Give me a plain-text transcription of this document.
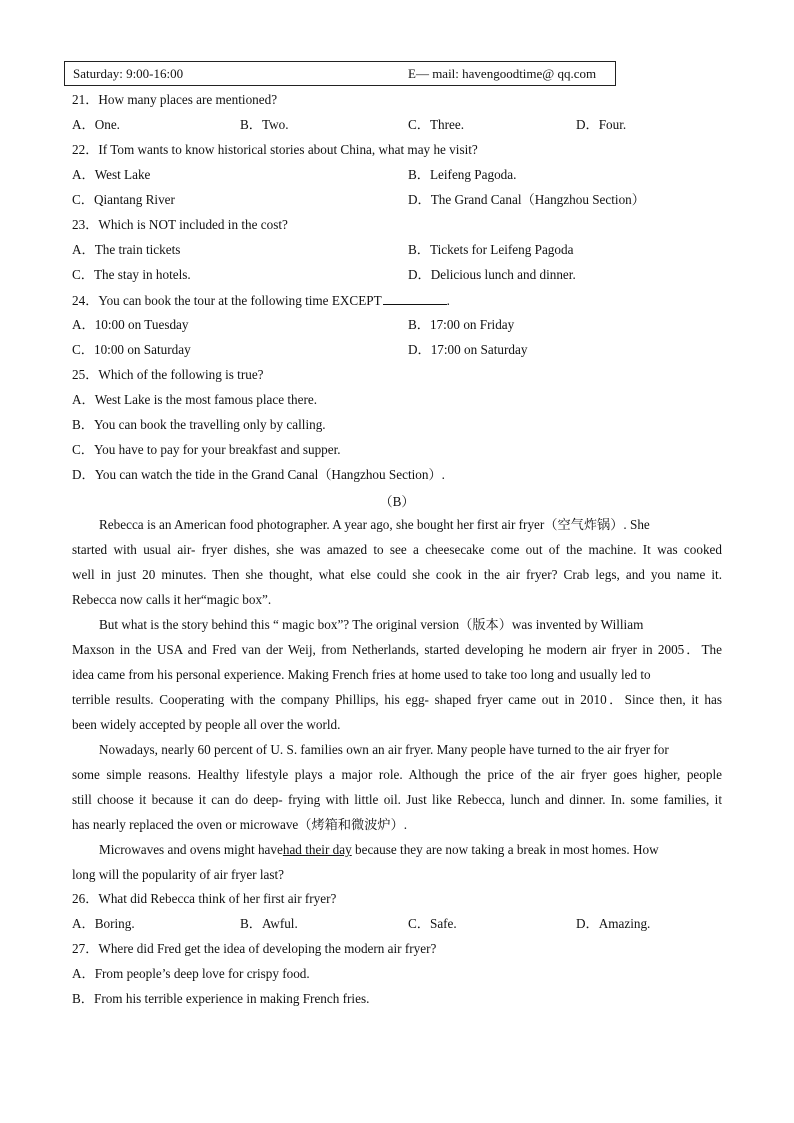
Saturday: 9:00-16:00	E— mail: havengoodtime@ qq.com
21．How many places are mentioned?
A．One.	B．Two.	C．Three.	D．Four.
22．If Tom wants to know historical stories about China, what may he visit?
A．West Lake	B．Leifeng Pagoda.
C．Qiantang River	D．The Grand Canal（Hangzhou Section）
23．Which is NOT included in the cost?
A．The train tickets	B．Tickets for Leifeng Pagoda
C．The stay in hotels.	D．Delicious lunch and dinner.
24．You can book the tour at the following time EXCEPT	.
A．10:00 on Tuesday	B．17:00 on Friday
C．10:00 on Saturday	D．17:00 on Saturday
25．Which of the following is true?
A．West Lake is the most famous place there.
B．You can book the travelling only by calling.
C．You have to pay for your breakfast and supper.
D．You can watch the tide in the Grand Canal（Hangzhou Section）.
（B）
Rebecca is an American food photographer. A year ago, she bought her first air fryer（空气炸锅）. She
started with usual air- fryer dishes, she was amazed to see a cheesecake come out of the machine. It was cooked
well in just 20 minutes. Then she thought, what else could she cook in the air fryer? Crab legs, and you name it.
Rebecca now calls it her“magic box”.
But what is the story behind this “ magic box”? The original version（版本）was invented by William
Maxson in the USA and Fred van der Weij, from Netherlands, started developing he modern air fryer in 2005．The
idea came from his personal experience. Making French fries at home used to take too long and usually led to
terrible results. Cooperating with the company Phillips, his egg- shaped fryer came out in 2010．Since then, it has
been widely accepted by people all over the world.
Nowadays, nearly 60 percent of U. S. families own an air fryer. Many people have turned to the air fryer for
some simple reasons. Healthy lifestyle plays a major role. Although the price of the air fryer goes higher, people
still choose it because it can do deep- frying with little oil. Just like Rebecca, lunch and dinner. In. some families, it
has nearly replaced the oven or microwave（烤箱和微波炉）.
Microwaves and ovens might havehad their day because they are now taking a break in most homes. How
long will the popularity of air fryer last?
26．What did Rebecca think of her first air fryer?
A．Boring.	B．Awful.	C．Safe.	D．Amazing.
27．Where did Fred get the idea of developing the modern air fryer?
A．From people’s deep love for crispy food.
B．From his terrible experience in making French fries.
